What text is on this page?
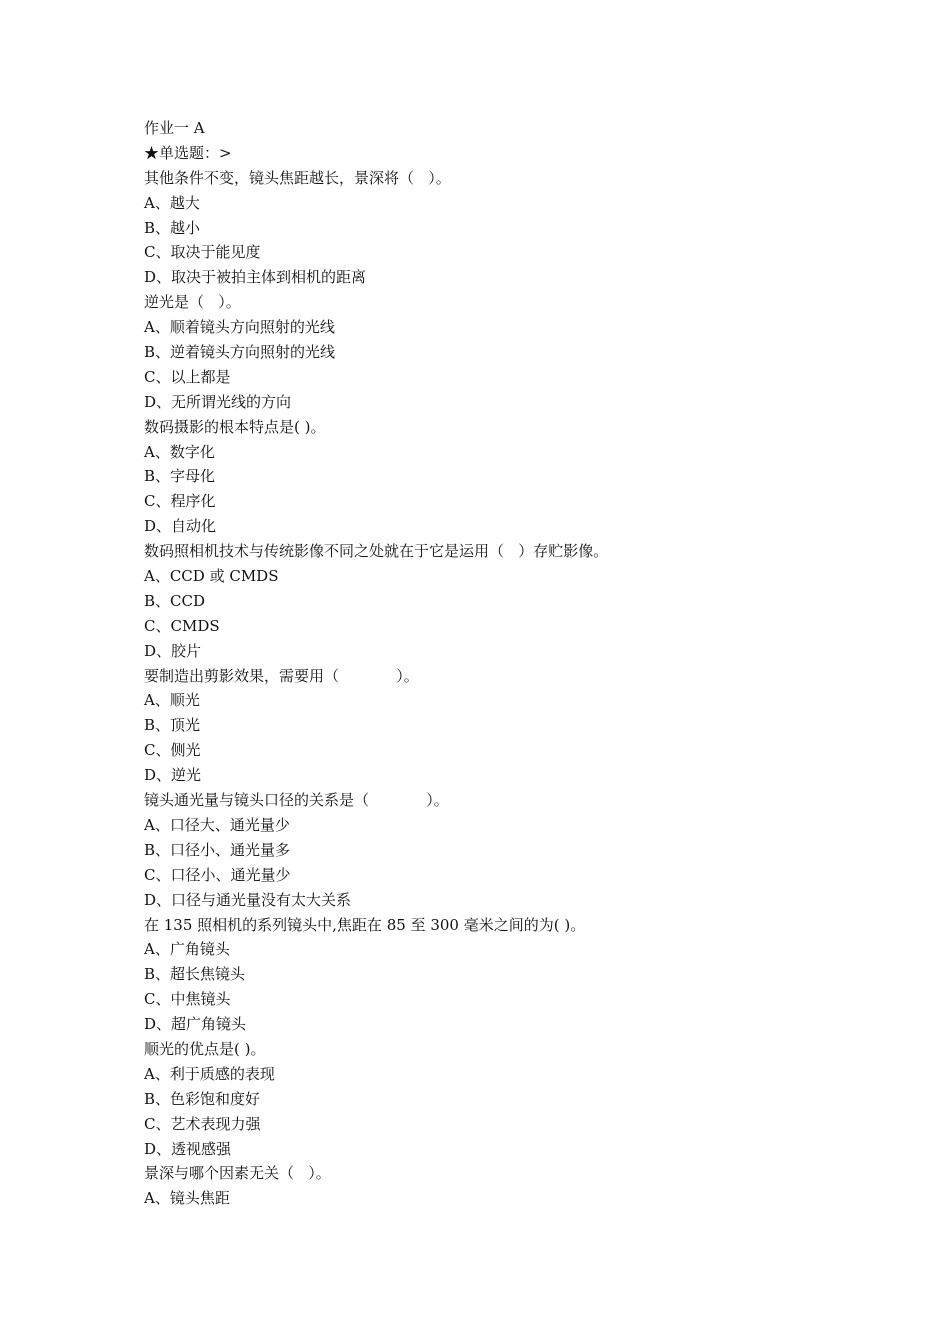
作业一 A
★单选题：>
其他条件不变，镜头焦距越长，景深将（   ）。
A、越大
B、越小
C、取决于能见度
D、取决于被拍主体到相机的距离
逆光是（   ）。
A、顺着镜头方向照射的光线
B、逆着镜头方向照射的光线
C、以上都是
D、无所谓光线的方向
数码摄影的根本特点是( )。
A、数字化
B、字母化
C、程序化
D、自动化
数码照相机技术与传统影像不同之处就在于它是运用（   ）存贮影像。
A、CCD 或 CMDS
B、CCD
C、CMDS
D、胶片
要制造出剪影效果，需要用（            ）。
A、顺光
B、顶光
C、侧光
D、逆光
镜头通光量与镜头口径的关系是（            ）。
A、口径大、通光量少
B、口径小、通光量多
C、口径小、通光量少
D、口径与通光量没有太大关系
在 135 照相机的系列镜头中,焦距在 85 至 300 毫米之间的为( )。
A、广角镜头
B、超长焦镜头
C、中焦镜头
D、超广角镜头
顺光的优点是( )。
A、利于质感的表现
B、色彩饱和度好
C、艺术表现力强
D、透视感强
景深与哪个因素无关（   ）。
A、镜头焦距
